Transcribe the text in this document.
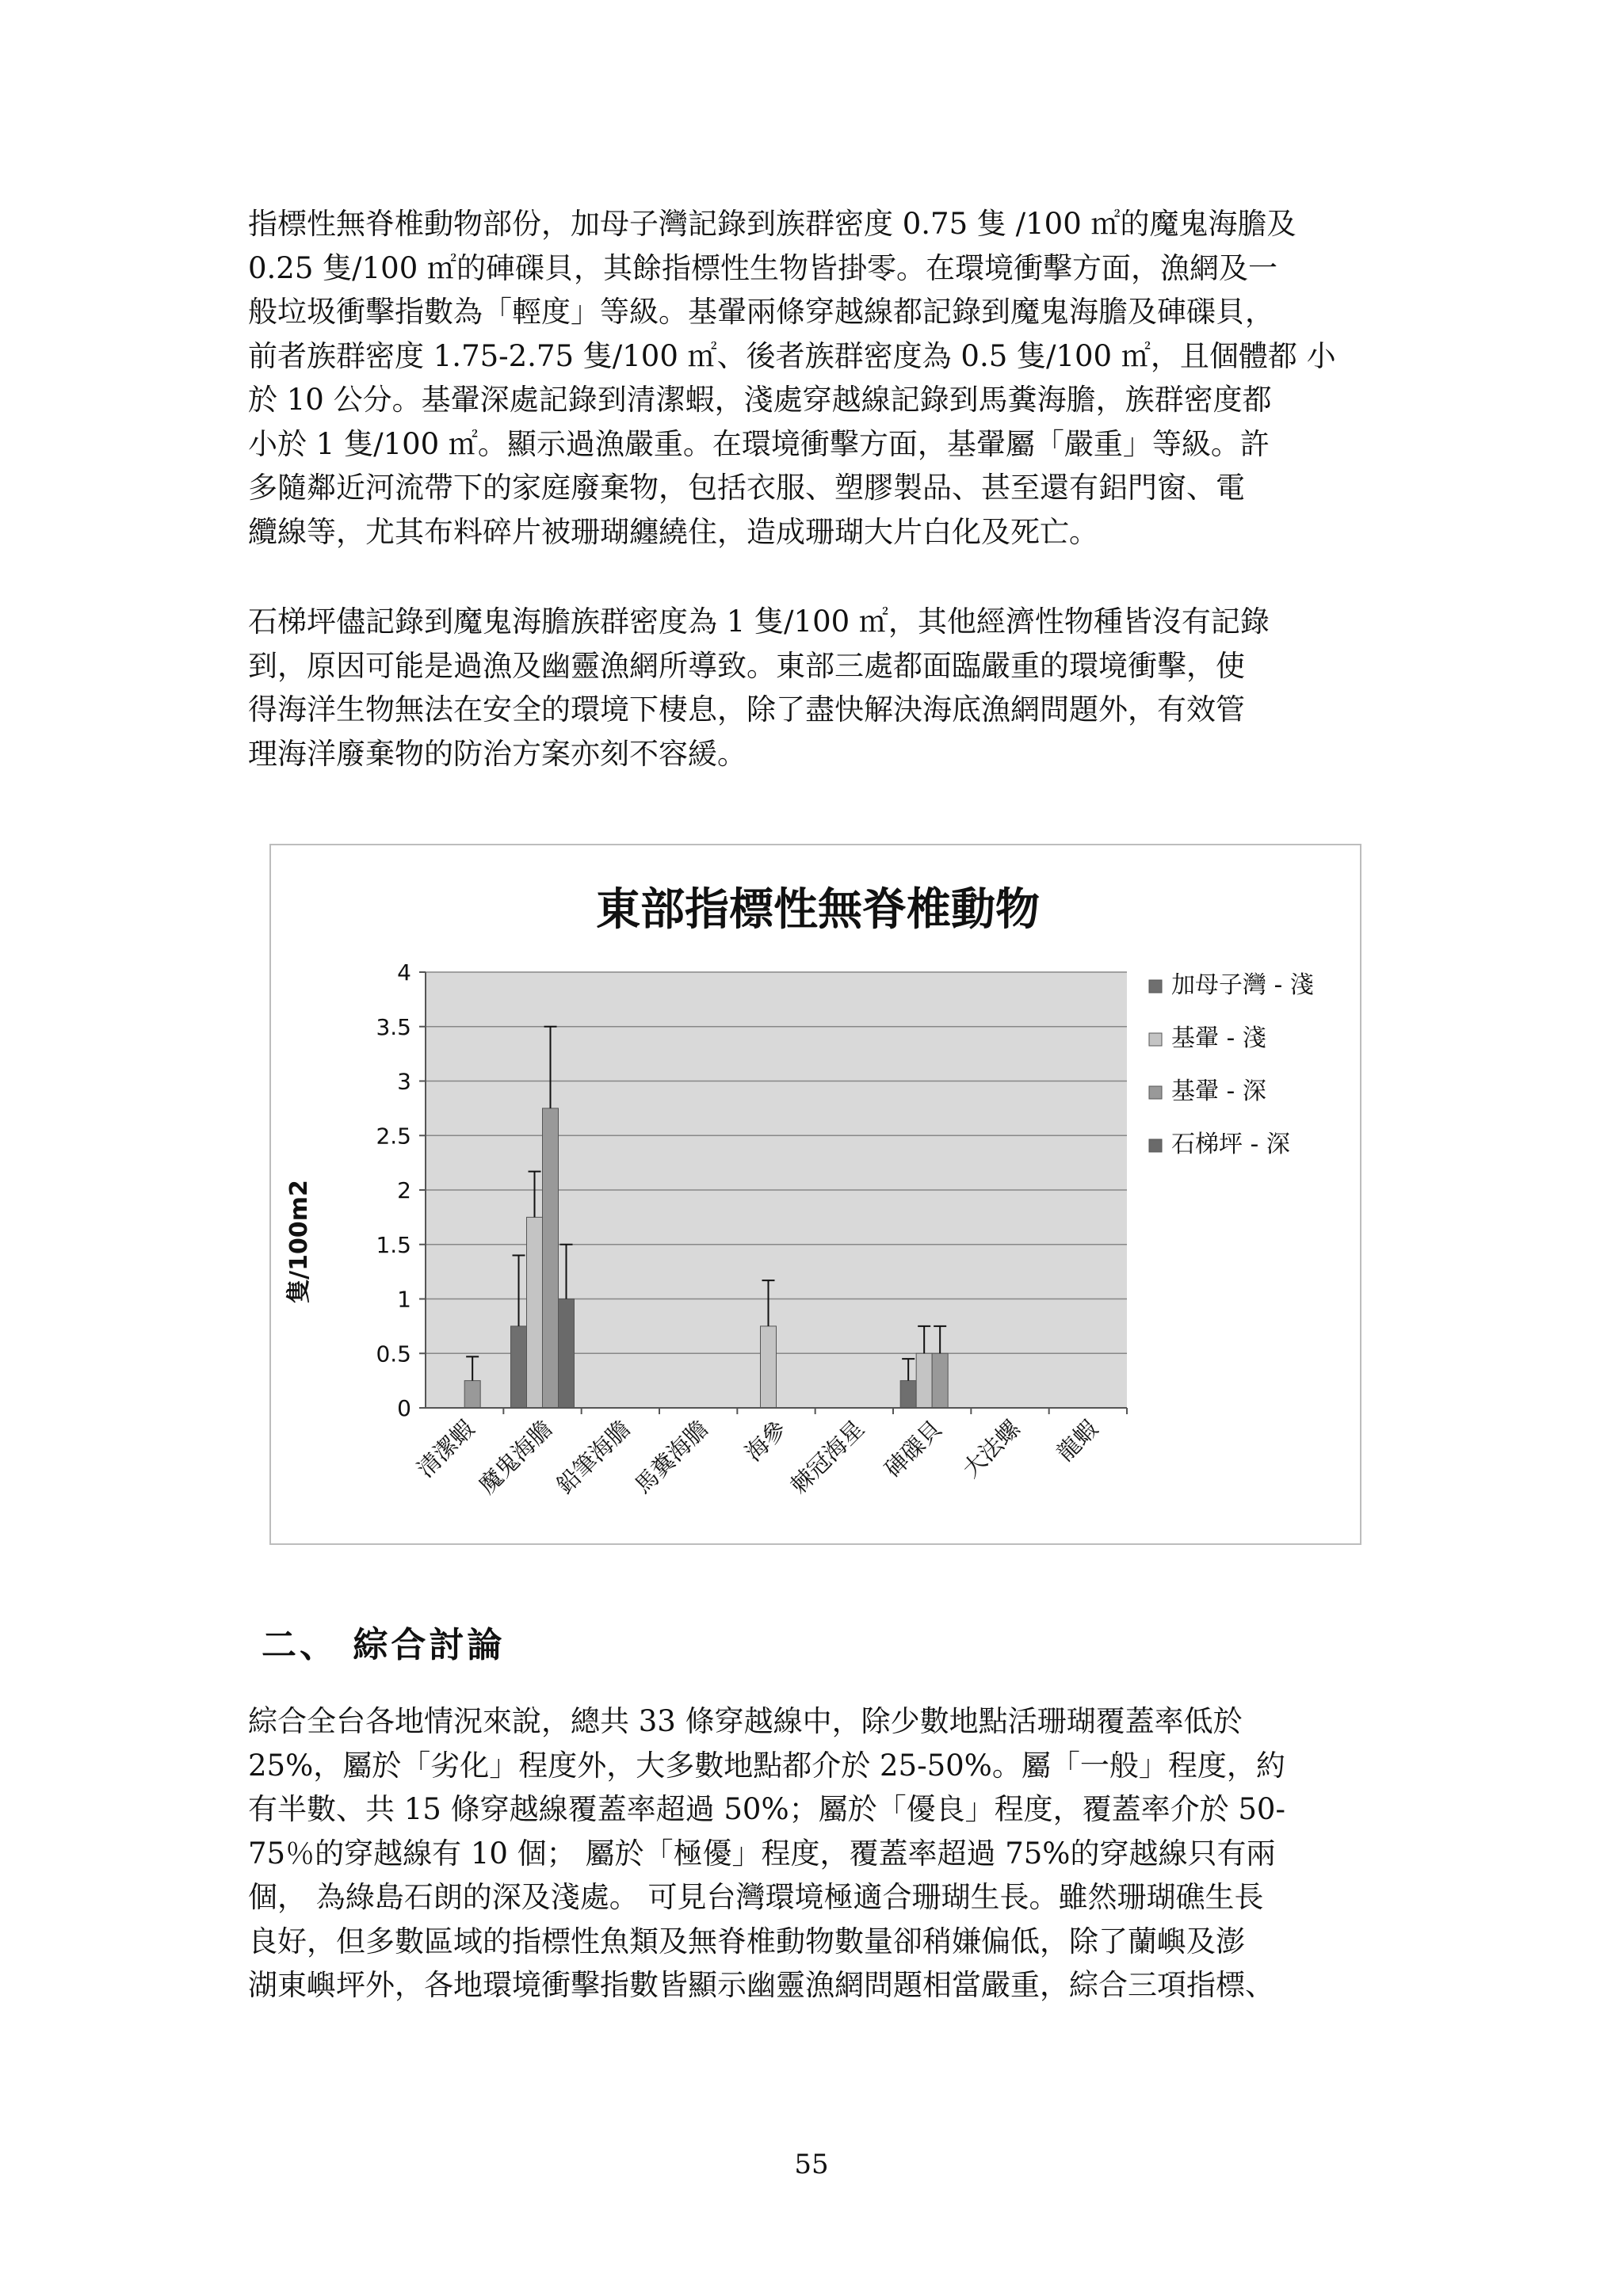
指標性無脊椎動物部份，加母子灣記錄到族群密度 0.75 隻 /100 ㎡的魔鬼海膽及
0.25 隻/100 ㎡的硨磲貝，其餘指標性生物皆掛零。在環境衝擊方面，漁網及一
般垃圾衝擊指數為「輕度」等級。基翬兩條穿越線都記錄到魔鬼海膽及硨磲貝，
前者族群密度 1.75-2.75 隻/100 ㎡、後者族群密度為 0.5 隻/100 ㎡，且個體都 小
於 10 公分。基翬深處記錄到清潔蝦，淺處穿越線記錄到馬糞海膽，族群密度都
小於 1 隻/100 ㎡。顯示過漁嚴重。在環境衝擊方面，基翬屬「嚴重」等級。許
多隨鄰近河流帶下的家庭廢棄物，包括衣服、塑膠製品、甚至還有鋁門窗、電
纜線等，尤其布料碎片被珊瑚纏繞住，造成珊瑚大片白化及死亡。
石梯坪儘記錄到魔鬼海膽族群密度為 1 隻/100 ㎡，其他經濟性物種皆沒有記錄
到，原因可能是過漁及幽靈漁網所導致。東部三處都面臨嚴重的環境衝擊，使
得海洋生物無法在安全的環境下棲息，除了盡快解決海底漁網問題外，有效管
理海洋廢棄物的防治方案亦刻不容緩。
東部指標性無脊椎動物
0
0.5
1
1.5
2
2.5
3
3.5
4
清潔蝦
魔鬼海膽
鉛筆海膽
馬糞海膽 海參
棘冠海星 硨磲貝 大法螺 龍蝦
隻/100m2
加母子灣 - 淺
基翬 - 淺
基翬 - 深
石梯坪 - 深
二、 綜合討論
綜合全台各地情況來說，總共 33 條穿越線中，除少數地點活珊瑚覆蓋率低於
25%，屬於「劣化」程度外，大多數地點都介於 25-50%。屬「一般」程度，約
有半數、共 15 條穿越線覆蓋率超過 50%；屬於「優良」程度，覆蓋率介於 50-
75％的穿越線有 10 個； 屬於「極優」程度，覆蓋率超過 75%的穿越線只有兩
個， 為綠島石朗的深及淺處。 可見台灣環境極適合珊瑚生長。雖然珊瑚礁生長
良好，但多數區域的指標性魚類及無脊椎動物數量卻稍嫌偏低，除了蘭嶼及澎
湖東嶼坪外，各地環境衝擊指數皆顯示幽靈漁網問題相當嚴重，綜合三項指標、
55
